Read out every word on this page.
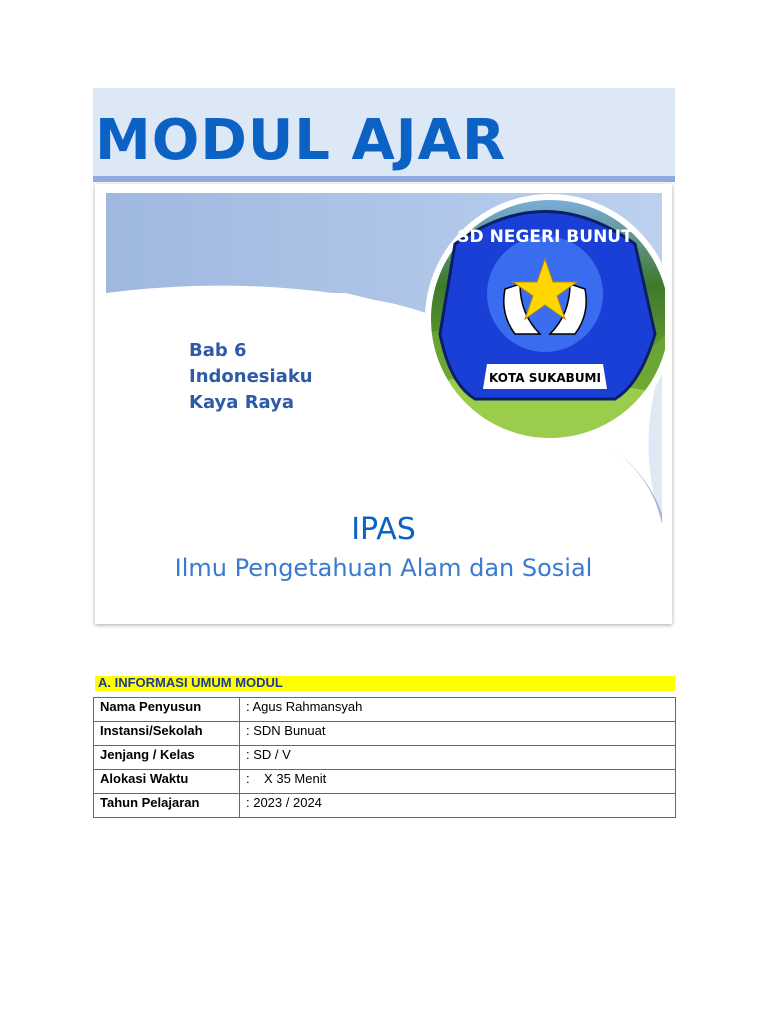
MODUL AJAR
KOTA SUKABUMI
SD NEGERI BUNUT
Bab 6
Indonesiaku
Kaya Raya
IPAS
Ilmu Pengetahuan Alam dan Sosial
A. INFORMASI UMUM MODUL
Nama Penyusun	: Agus Rahmansyah
Instansi/Sekolah	: SDN Bunuat
Jenjang / Kelas	: SD / V
Alokasi Waktu	:    X 35 Menit
Tahun Pelajaran	: 2023 / 2024
